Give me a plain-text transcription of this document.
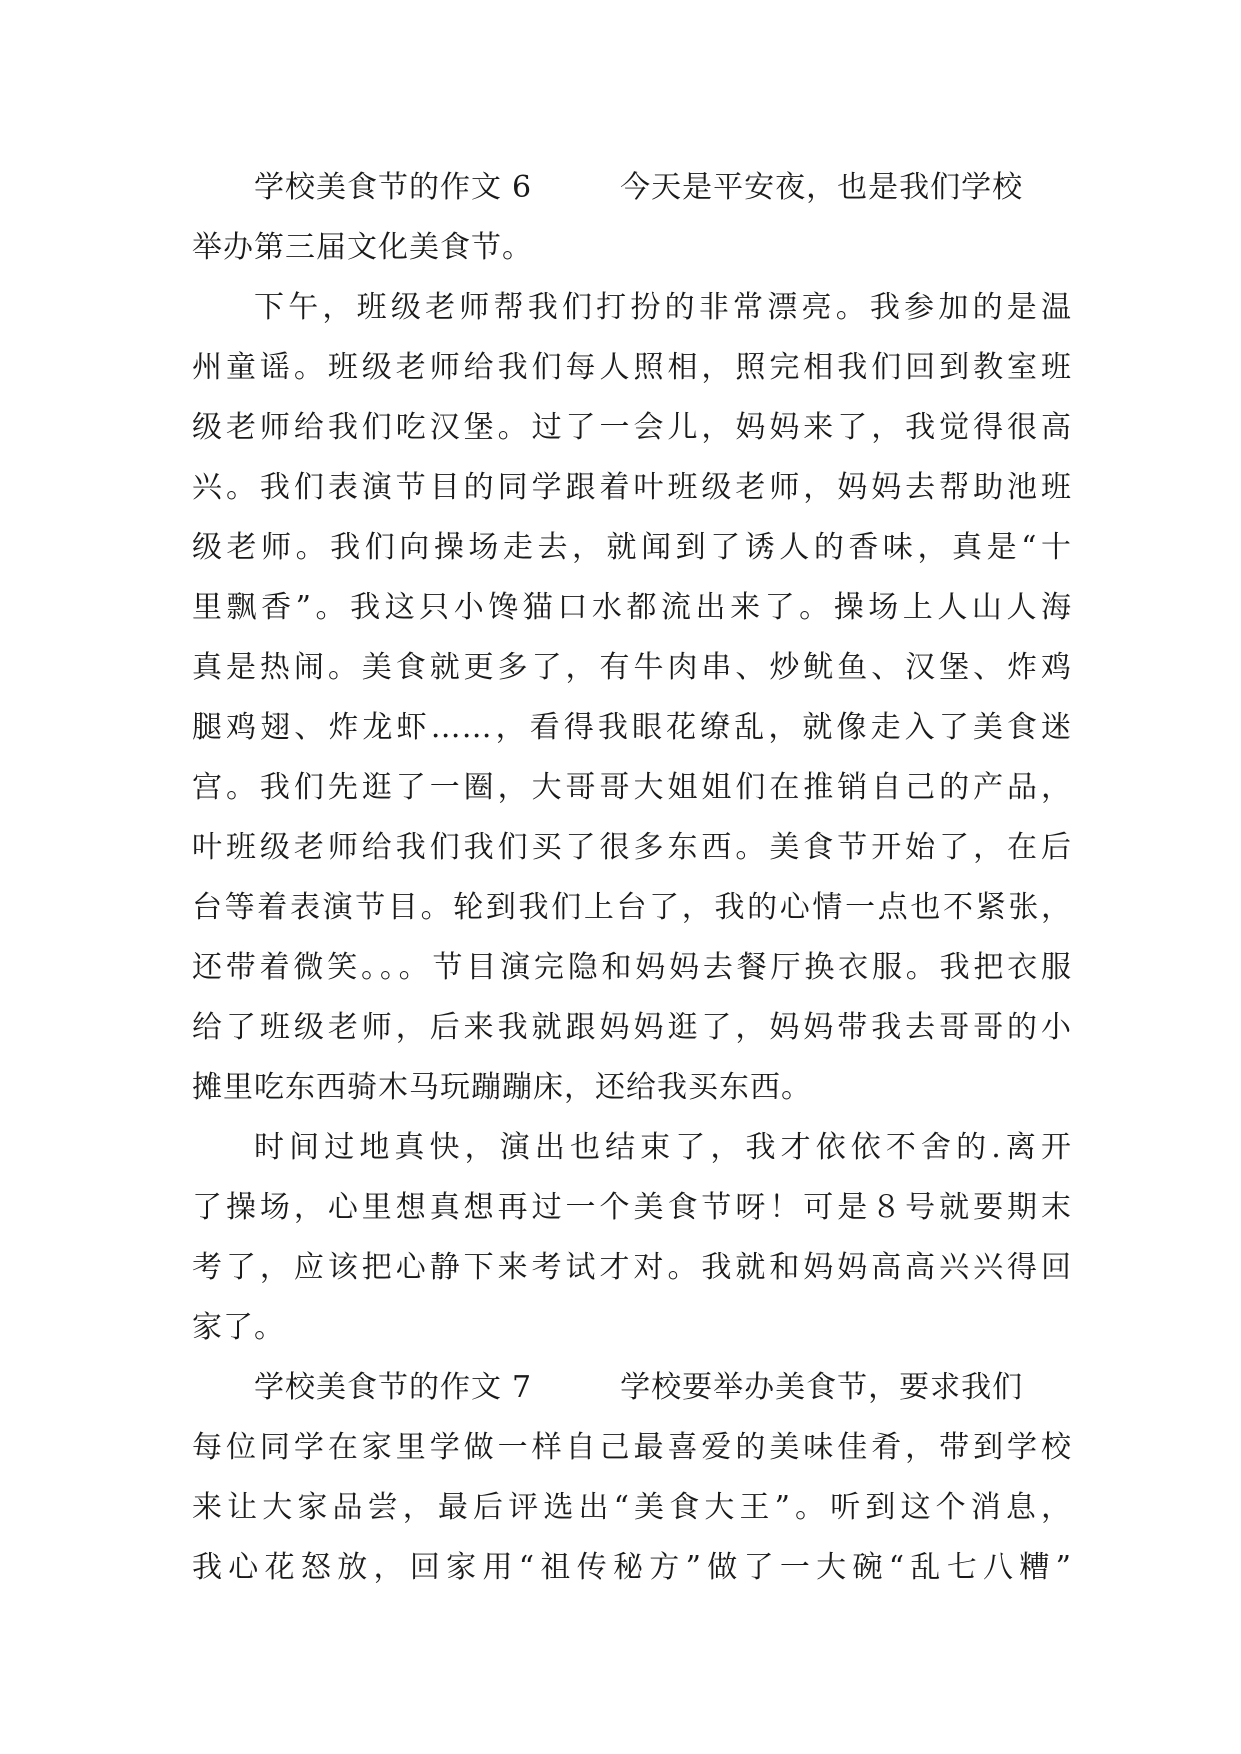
学校美食节的作文 6	今天是平安夜，也是我们学校
举办第三届文化美食节。
下午，班级老师帮我们打扮的非常漂亮。我参加的是温
州童谣。班级老师给我们每人照相，照完相我们回到教室班
级老师给我们吃汉堡。过了一会儿，妈妈来了，我觉得很高
兴。我们表演节目的同学跟着叶班级老师，妈妈去帮助池班
级老师。我们向操场走去，就闻到了诱人的香味，真是“十
里飘香”。我这只小馋猫口水都流出来了。操场上人山人海
真是热闹。美食就更多了，有牛肉串、炒鱿鱼、汉堡、炸鸡
腿鸡翅、炸龙虾……，看得我眼花缭乱，就像走入了美食迷
宫。我们先逛了一圈，大哥哥大姐姐们在推销自己的产品，
叶班级老师给我们我们买了很多东西。美食节开始了，在后
台等着表演节目。轮到我们上台了，我的心情一点也不紧张，
还带着微笑。。。节目演完隐和妈妈去餐厅换衣服。我把衣服
给了班级老师，后来我就跟妈妈逛了，妈妈带我去哥哥的小
摊里吃东西骑木马玩蹦蹦床，还给我买东西。
时间过地真快，演出也结束了，我才依依不舍的.离开
了操场，心里想真想再过一个美食节呀！可是８号就要期末
考了，应该把心静下来考试才对。我就和妈妈高高兴兴得回
家了。
学校美食节的作文 7	学校要举办美食节，要求我们
每位同学在家里学做一样自己最喜爱的美味佳肴，带到学校
来让大家品尝，最后评选出“美食大王”。听到这个消息，
我心花怒放，回家用“祖传秘方”做了一大碗“乱七八糟”
